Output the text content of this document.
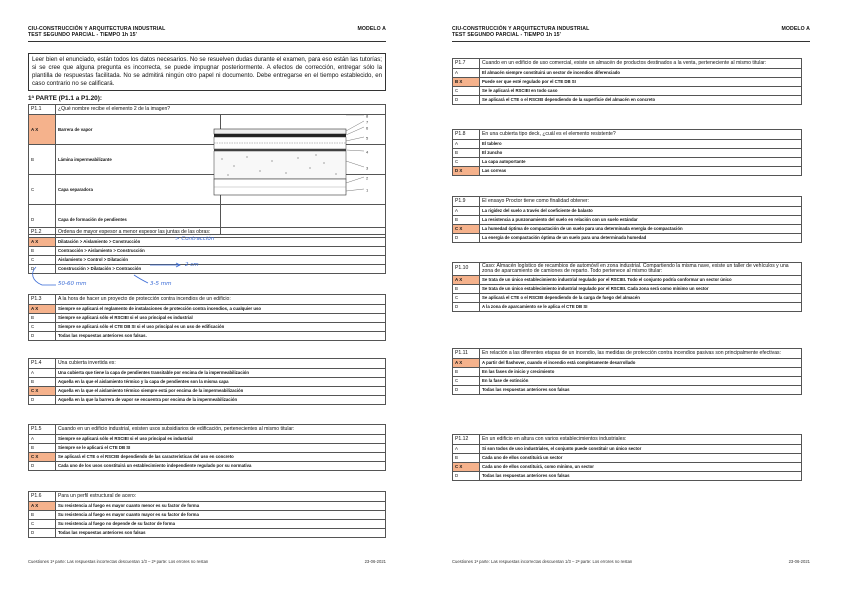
CIU-CONSTRUCCIÓN Y ARQUITECTURA INDUSTRIAL
TEST SEGUNDO PARCIAL - TIEMPO 1h 15'
MODELO A
Leer bien el enunciado, están todos los datos necesarios. No se resuelven dudas durante el examen, para eso están las tutorías; si se cree que alguna pregunta es incorrecta, se puede impugnar posteriormente. A efectos de corrección, entregar sólo la plantilla de respuestas facilitada. No se admitirá ningún otro papel ni documento. Debe entregarse en el tiempo establecido, en caso contrario no se calificará.
1ª PARTE (P1.1 a P1.20):
P1.1	¿Qué nombre recibe el elemento 2 de la imagen?	
A X	Barrera de vapor	
B	Lámina impermeabilizante	
C	Capa separadora	
D	Capa de formación de pendientes	
P1.2	Ordena de mayor espesor a menor espesor las juntas de las obras:
A X	Dilatación > Aislamiento > Construcción
B	Contracción > Aislamiento > Construcción
C	Aislamiento > Control > Dilatación
D	Construcción > Dilatación > Contracción
P1.3	A la hora de hacer un proyecto de protección contra incendios de un edificio:
A X	Siempre se aplicará el reglamento de instalaciones de protección contra incendios, a cualquier uso
B	Siempre se aplicará sólo el RSCIEI si el uso principal es industrial
C	Siempre se aplicará sólo el CTE DB SI si el uso principal es un uso de edificación
D	Todas las respuestas anteriores son falsas.
P1.4	Una cubierta invertida es:
A	Una cubierta que tiene la capa de pendientes transitable por encima de la impermeabilización
B	Aquella en la que el aislamiento térmico y la capa de pendientes son la misma capa
C X	Aquella en la que el aislamiento térmico siempre está por encima de la impermeabilización
D	Aquella en la que la barrera de vapor se encuentra por encima de la impermeabilización
P1.5	Cuando en un edificio industrial, existen usos subsidiarios de edificación, pertenecientes al mismo titular:
A	Siempre se aplicará sólo el RSCIEI si el uso principal es industrial
B	Siempre se le aplicará el CTE DB SI
C X	Se aplicará el CTE o el RSCIEI dependiendo de las características del uso en concreto
D	Cada uno de los usos constituirá un establecimiento independiente regulado por su normativa
P1.6	Para un perfil estructural de acero:
A X	Su resistencia al fuego es mayor cuanto menor es su factor de forma
B	Su resistencia al fuego es mayor cuanto mayor es su factor de forma
C	Su resistencia al fuego no depende de su factor de forma
D	Todas las respuestas anteriores son falsas
Cuestiones 1ª parte: Las respuestas incorrectas descuentan 1/3 – 2ª parte: Los errores no restan	23-06-2021
CIU-CONSTRUCCIÓN Y ARQUITECTURA INDUSTRIAL
TEST SEGUNDO PARCIAL - TIEMPO 1h 15'
MODELO A
P1.7	Cuando en un edificio de uso comercial, existe un almacén de productos destinados a la venta, perteneciente al mismo titular:
A	El almacén siempre constituirá un sector de incendios diferenciado
B X	Puede ser que esté regulado por el CTE DB SI
C	Se le aplicará el RSCIEI en todo caso
D	Se aplicará el CTE o el RSCIEI dependiendo de la superficie del almacén en concreto
P1.8	En una cubierta tipo deck, ¿cuál es el elemento resistente?
A	El tablero
B	El zuncho
C	La capa autoportante
D X	Las correas
P1.9	El ensayo Proctor tiene como finalidad obtener:
A	La rigidez del suelo a través del coeficiente de balasto
B	La resistencia a punzonamiento del suelo en relación con un suelo estándar
C X	La humedad óptima de compactación de un suelo para una determinada energía de compactación
D	La energía de compactación óptima de un suelo para una determinada humedad
P1.10	Caso: Almacén logístico de recambios de automóvil en zona industrial. Compartiendo la misma nave, existe un taller de vehículos y una zona de aparcamiento de camiones de reparto. Todo pertenece al mismo titular:
A X	Se trata de un único establecimiento industrial regulado por el RSCIEI. Todo el conjunto podría conformar un sector único
B	Se trata de un único establecimiento industrial regulado por el RSCIEI. Cada zona será como mínimo un sector
C	Se aplicará el CTE o el RSCIEI dependiendo de la carga de fuego del almacén
D	A la zona de aparcamiento se le aplica el CTE DB SI
P1.11	En relación a las diferentes etapas de un incendio, las medidas de protección contra incendios pasivas son principalmente efectivas:
A X	A partir del flashover, cuando el incendio está completamente desarrollado
B	En las fases de inicio y crecimiento
C	En la fase de extinción
D	Todas las respuestas anteriores son falsas
P1.12	En un edificio en altura con varios establecimientos industriales:
A	Si son todos de uso industriales, el conjunto puede constituir un único sector
B	Cada uno de ellos constituirá un sector
C X	Cada uno de ellos constituirá, como mínimo, un sector
D	Todas las respuestas anteriores son falsas
Cuestiones 1ª parte: Las respuestas incorrectas descuentan 1/3 – 2ª parte: Los errores no restan	23-06-2021
8
7
6
5
4
3
2
1
> Contracción
2 cm
50-60 mm	3-5 mm
